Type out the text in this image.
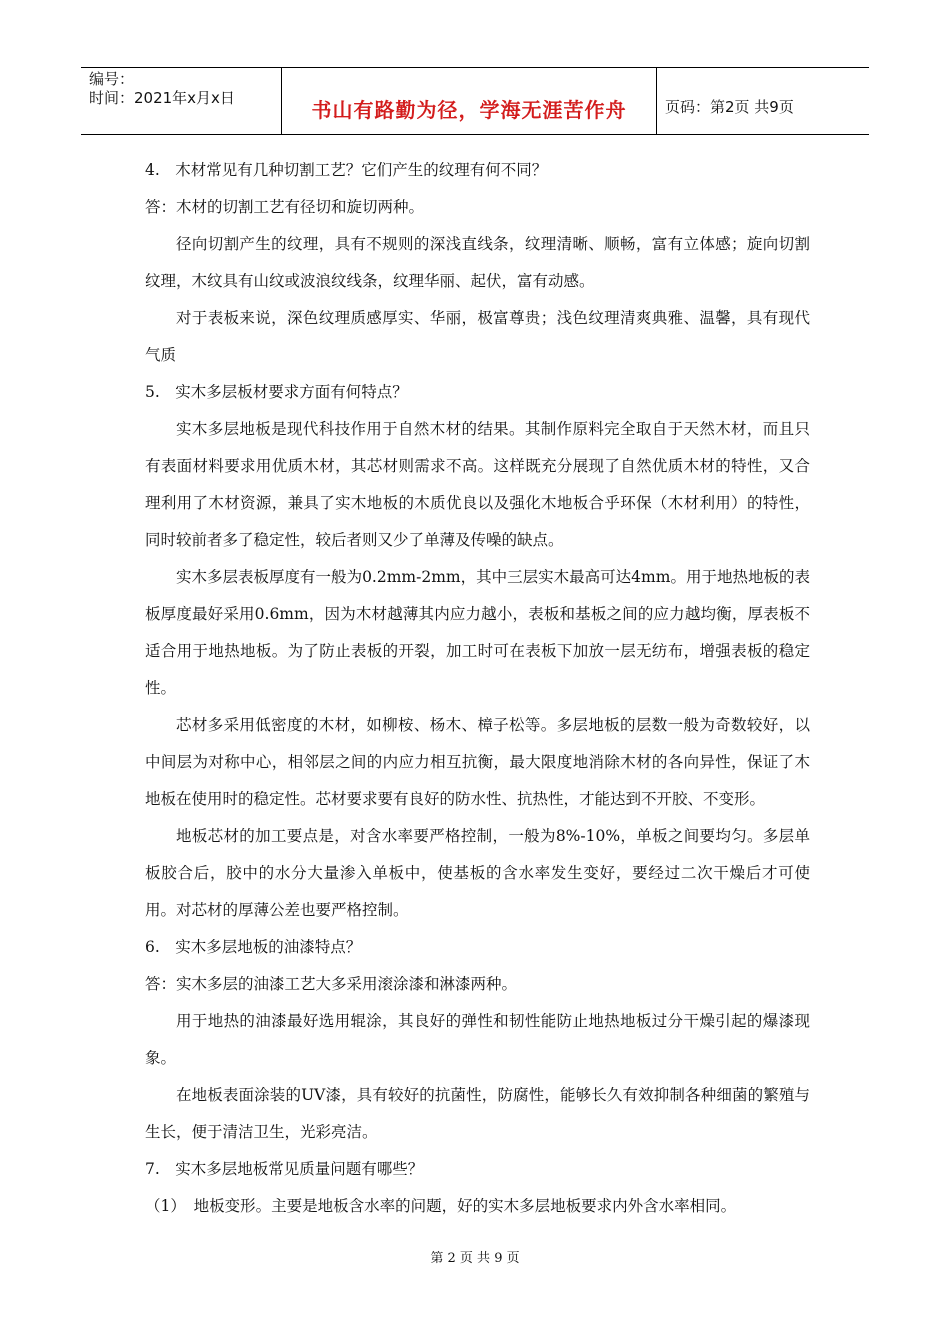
编号：
时间：2021年x月x日	书山有路勤为径，学海无涯苦作舟	页码：第2页 共9页

4.　木材常见有几种切割工艺？它们产生的纹理有何不同？

答：木材的切割工艺有径切和旋切两种。

径向切割产生的纹理，具有不规则的深浅直线条，纹理清晰、顺畅，富有立体感；旋向切割纹理，木纹具有山纹或波浪纹线条，纹理华丽、起伏，富有动感。

对于表板来说，深色纹理质感厚实、华丽，极富尊贵；浅色纹理清爽典雅、温馨，具有现代气质

5.　实木多层板材要求方面有何特点？

实木多层地板是现代科技作用于自然木材的结果。其制作原料完全取自于天然木材，而且只有表面材料要求用优质木材，其芯材则需求不高。这样既充分展现了自然优质木材的特性，又合理利用了木材资源，兼具了实木地板的木质优良以及强化木地板合乎环保（木材利用）的特性，同时较前者多了稳定性，较后者则又少了单薄及传噪的缺点。

实木多层表板厚度有一般为0.2mm-2mm，其中三层实木最高可达4mm。用于地热地板的表板厚度最好采用0.6mm，因为木材越薄其内应力越小，表板和基板之间的应力越均衡，厚表板不适合用于地热地板。为了防止表板的开裂，加工时可在表板下加放一层无纺布，增强表板的稳定性。

芯材多采用低密度的木材，如柳桉、杨木、樟子松等。多层地板的层数一般为奇数较好，以中间层为对称中心，相邻层之间的内应力相互抗衡，最大限度地消除木材的各向异性，保证了木地板在使用时的稳定性。芯材要求要有良好的防水性、抗热性，才能达到不开胶、不变形。

地板芯材的加工要点是，对含水率要严格控制，一般为8%-10%，单板之间要均匀。多层单板胶合后，胶中的水分大量渗入单板中，使基板的含水率发生变好，要经过二次干燥后才可使用。对芯材的厚薄公差也要严格控制。

6.　实木多层地板的油漆特点？

答：实木多层的油漆工艺大多采用滚涂漆和淋漆两种。

用于地热的油漆最好选用辊涂，其良好的弹性和韧性能防止地热地板过分干燥引起的爆漆现象。

在地板表面涂装的UV漆，具有较好的抗菌性，防腐性，能够长久有效抑制各种细菌的繁殖与生长，便于清洁卫生，光彩亮洁。

7.　实木多层地板常见质量问题有哪些？

（1）　地板变形。主要是地板含水率的问题，好的实木多层地板要求内外含水率相同。

第 2 页 共 9 页
